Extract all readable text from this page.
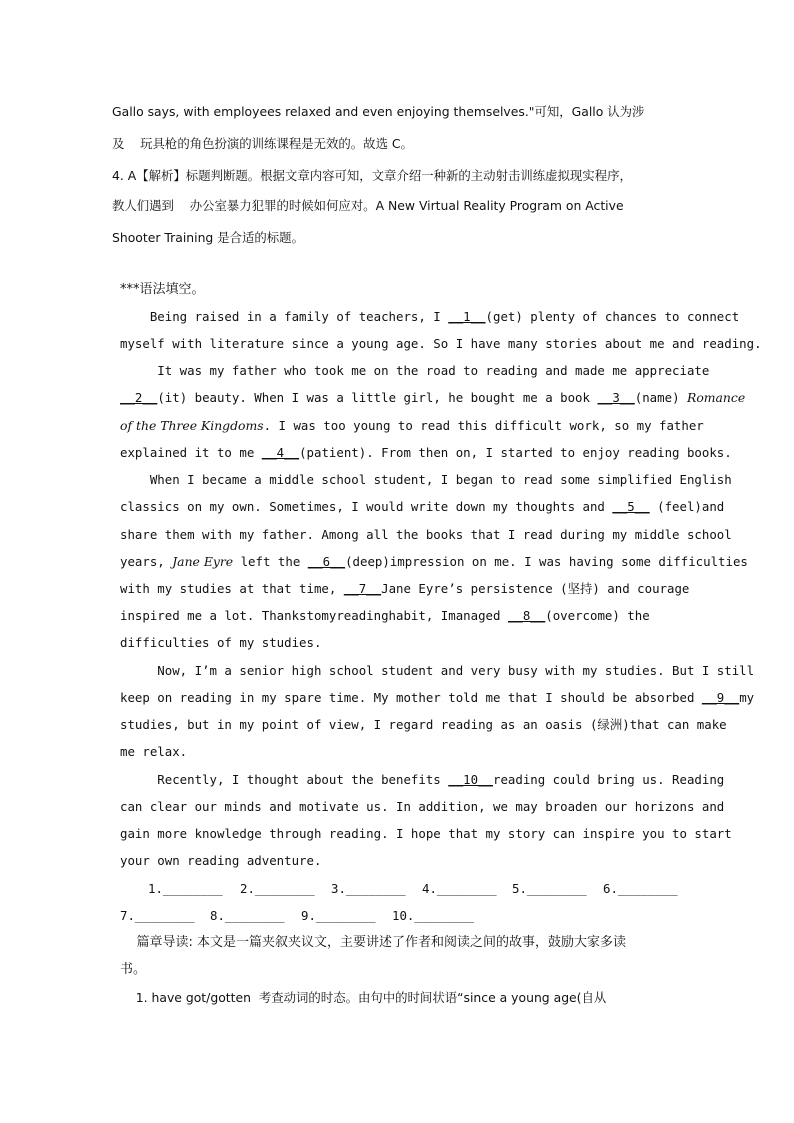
Gallo says, with employees relaxed and even enjoying themselves."可知，Gallo 认为涉
及    玩具枪的角色扮演的训练课程是无效的。故选 C。
4. A【解析】标题判断题。根据文章内容可知，文章介绍一种新的主动射击训练虚拟现实程序，
教人们遇到    办公室暴力犯罪的时候如何应对。A New Virtual Reality Program on Active
Shooter Training 是合适的标题。
***语法填空。
Being raised in a family of teachers, I __1__(get) plenty of chances to connect
myself with literature since a young age. So I have many stories about me and reading.
It was my father who took me on the road to reading and made me appreciate
__2__(it) beauty. When I was a little girl, he bought me a book __3__(name) Romance
of the Three Kingdoms. I was too young to read this difficult work, so my father
explained it to me __4__(patient). From then on, I started to enjoy reading books.
When I became a middle school student, I began to read some simplified English
classics on my own. Sometimes, I would write down my thoughts and __5__ (feel)and
share them with my father. Among all the books that I read during my middle school
years, Jane Eyre left the __6__(deep)impression on me. I was having some difficulties
with my studies at that time, __7__Jane Eyre’s persistence (坚持) and courage
inspired me a lot. Thankstomyreadinghabit, Imanaged __8__(overcome) the
difficulties of my studies.
Now, I’m a senior high school student and very busy with my studies. But I still
keep on reading in my spare time. My mother told me that I should be absorbed __9__my
studies, but in my point of view, I regard reading as an oasis (绿洲)that can make
me relax.
Recently, I thought about the benefits __10__reading could bring us. Reading
can clear our minds and motivate us. In addition, we may broaden our horizons and
gain more knowledge through reading. I hope that my story can inspire you to start
your own reading adventure.
1.________ 2.________ 3.________ 4.________ 5.________ 6.________
7.________ 8.________ 9.________ 10.________
篇章导读: 本文是一篇夹叙夹议文，主要讲述了作者和阅读之间的故事，鼓励大家多读
书。
1. have got/gotten  考查动词的时态。由句中的时间状语“since a young age(自从
